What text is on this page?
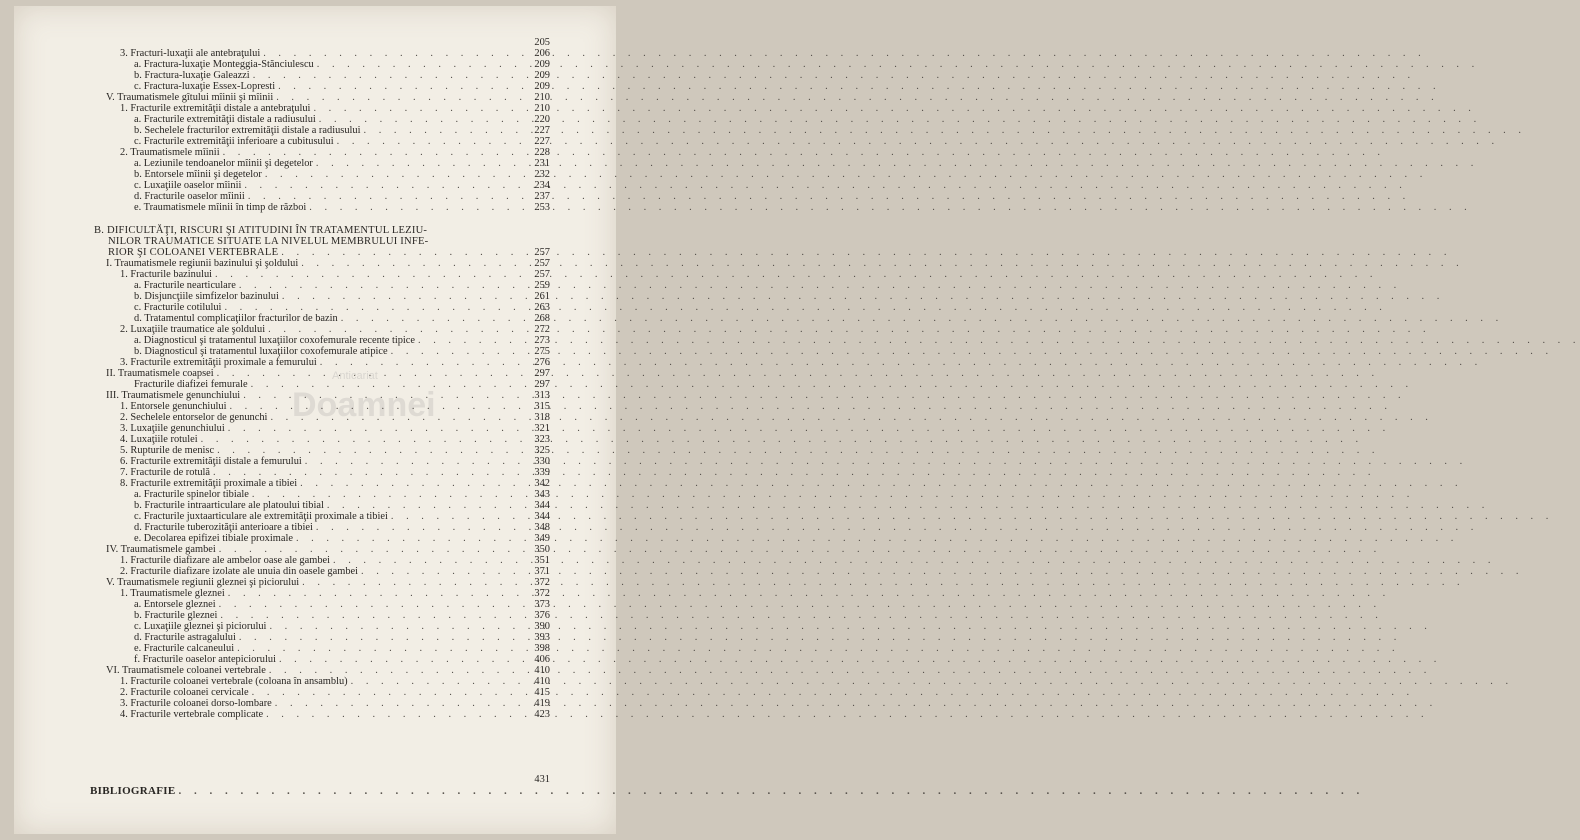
Anticariat
Doamnei
205
3. Fracturi-luxaţii ale antebraţului . . .	206
a. Fractura-luxaţie Monteggia-Stănciulescu . . .	209
b. Fractura-luxaţie Galeazzi . . .	209
c. Fractura-luxaţie Essex-Lopresti . . .	209
V. Traumatismele gîtului mîinii şi mîinii . . .	210
1. Fracturile extremităţii distale a antebraţului . . .	210
a. Fracturile extremităţii distale a radiusului . . .	220
b. Sechelele fracturilor extremităţii distale a radiusului . . .	227
c. Fracturile extremităţii inferioare a cubitusului . . .	227
2. Traumatismele mîinii . . .	228
a. Leziunile tendoanelor mîinii şi degetelor . . .	231
b. Entorsele mîinii şi degetelor . . .	232
c. Luxaţiile oaselor mîinii . . .	234
d. Fracturile oaselor mîinii . . .	237
e. Traumatismele mîinii în timp de război . . .	253
B. DIFICULTĂŢI, RISCURI ŞI ATITUDINI ÎN TRATAMENTUL LEZIU-
NILOR TRAUMATICE SITUATE LA NIVELUL MEMBRULUI INFE-
RIOR ŞI COLOANEI VERTEBRALE . . .	257
I. Traumatismele regiunii bazinului şi şoldului . . .	257
1. Fracturile bazinului . . .	257
a. Fracturile nearticulare . . .	259
b. Disjuncţiile simfizelor bazinului . . .	261
c. Fracturile cotilului . . .	263
d. Tratamentul complicaţiilor fracturilor de bazin . . .	268
2. Luxaţiile traumatice ale şoldului . . .	272
a. Diagnosticul şi tratamentul luxaţiilor coxofemurale recente tipice . . .	273
b. Diagnosticul şi tratamentul luxaţiilor coxofemurale atipice . . .	275
3. Fracturile extremităţii proximale a femurului . . .	276
II. Traumatismele coapsei . . .	297
Fracturile diafizei femurale . . .	297
III. Traumatismele genunchiului . . .	313
1. Entorsele genunchiului . . .	315
2. Sechelele entorselor de genunchi . . .	318
3. Luxaţiile genunchiului . . .	321
4. Luxaţiile rotulei . . .	323
5. Rupturile de menisc . . .	325
6. Fracturile extremităţii distale a femurului . . .	330
7. Fracturile de rotulă . . .	339
8. Fracturile extremităţii proximale a tibiei . . .	342
a. Fracturile spinelor tibiale . . .	343
b. Fracturile intraarticulare ale platoului tibial . . .	344
c. Fracturile juxtaarticulare ale extremităţii proximale a tibiei . . .	344
d. Fracturile tuberozităţii anterioare a tibiei . . .	348
e. Decolarea epifizei tibiale proximale . . .	349
IV. Traumatismele gambei . . .	350
1. Fracturile diafizare ale ambelor oase ale gambei . . .	351
2. Fracturile diafizare izolate ale unuia din oasele gambei . . .	371
V. Traumatismele regiunii gleznei şi piciorului . . .	372
1. Traumatismele gleznei . . .	372
a. Entorsele gleznei . . .	373
b. Fracturile gleznei . . .	376
c. Luxaţiile gleznei şi piciorului . . .	390
d. Fracturile astragalului . . .	393
e. Fracturile calcaneului . . .	398
f. Fracturile oaselor antepiciorului . . .	406
VI. Traumatismele coloanei vertebrale . . .	410
1. Fracturile coloanei vertebrale (coloana în ansamblu) . . .	410
2. Fracturile coloanei cervicale . . .	415
3. Fracturile coloanei dorso-lombare . . .	419
4. Fracturile vertebrale complicate . . .	423
BIBLIOGRAFIE
. . .
431
